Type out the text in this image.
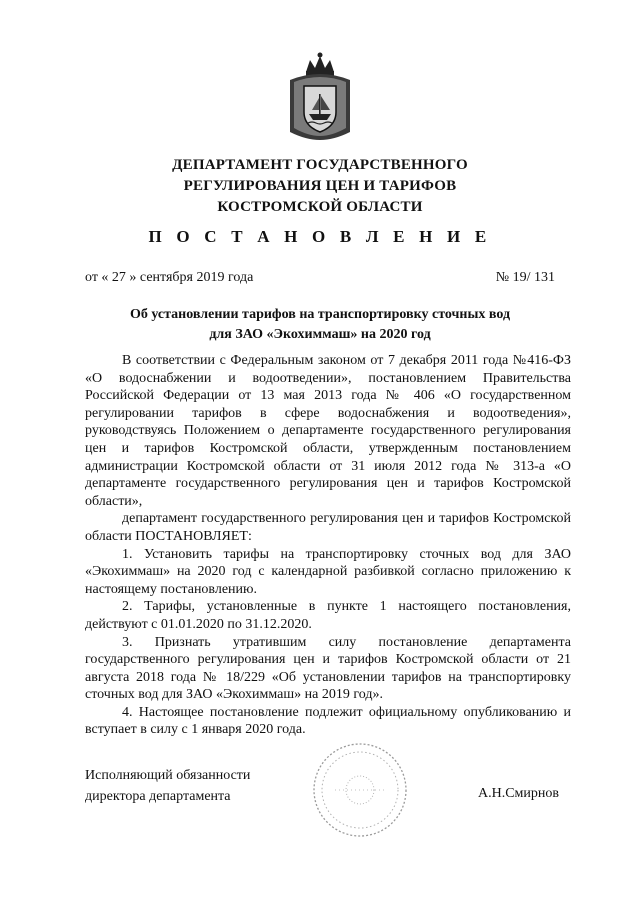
ДЕПАРТАМЕНТ ГОСУДАРСТВЕННОГО
РЕГУЛИРОВАНИЯ ЦЕН И ТАРИФОВ
КОСТРОМСКОЙ ОБЛАСТИ
П О С Т А Н О В Л Е Н И Е
от « 27 » сентября 2019 года	№ 19/ 131
Об установлении тарифов на транспортировку сточных вод
для ЗАО «Экохиммаш» на 2020 год

В соответствии с Федеральным законом от 7 декабря 2011 года №416-ФЗ «О водоснабжении и водоотведении», постановлением Правительства Российской Федерации от 13 мая 2013 года № 406 «О государственном регулировании тарифов в сфере водоснабжения и водоотведения», руководствуясь Положением о департаменте государственного регулирования цен и тарифов Костромской области, утвержденным постановлением администрации Костромской области от 31 июля 2012 года № 313-а «О департаменте государственного регулирования цен и тарифов Костромской области»,

департамент государственного регулирования цен и тарифов Костромской области ПОСТАНОВЛЯЕТ:

1. Установить тарифы на транспортировку сточных вод для ЗАО «Экохиммаш» на 2020 год с календарной разбивкой согласно приложению к настоящему постановлению.

2. Тарифы, установленные в пункте 1 настоящего постановления, действуют с 01.01.2020 по 31.12.2020.

3. Признать утратившим силу постановление департамента государственного регулирования цен и тарифов Костромской области от 21 августа 2018 года № 18/229 «Об установлении тарифов на транспортировку сточных вод для ЗАО «Экохиммаш» на 2019 год».

4. Настоящее постановление подлежит официальному опубликованию и вступает в силу с 1 января 2020 года.

Исполняющий обязанности
директора департамента	А.Н.Смирнов
